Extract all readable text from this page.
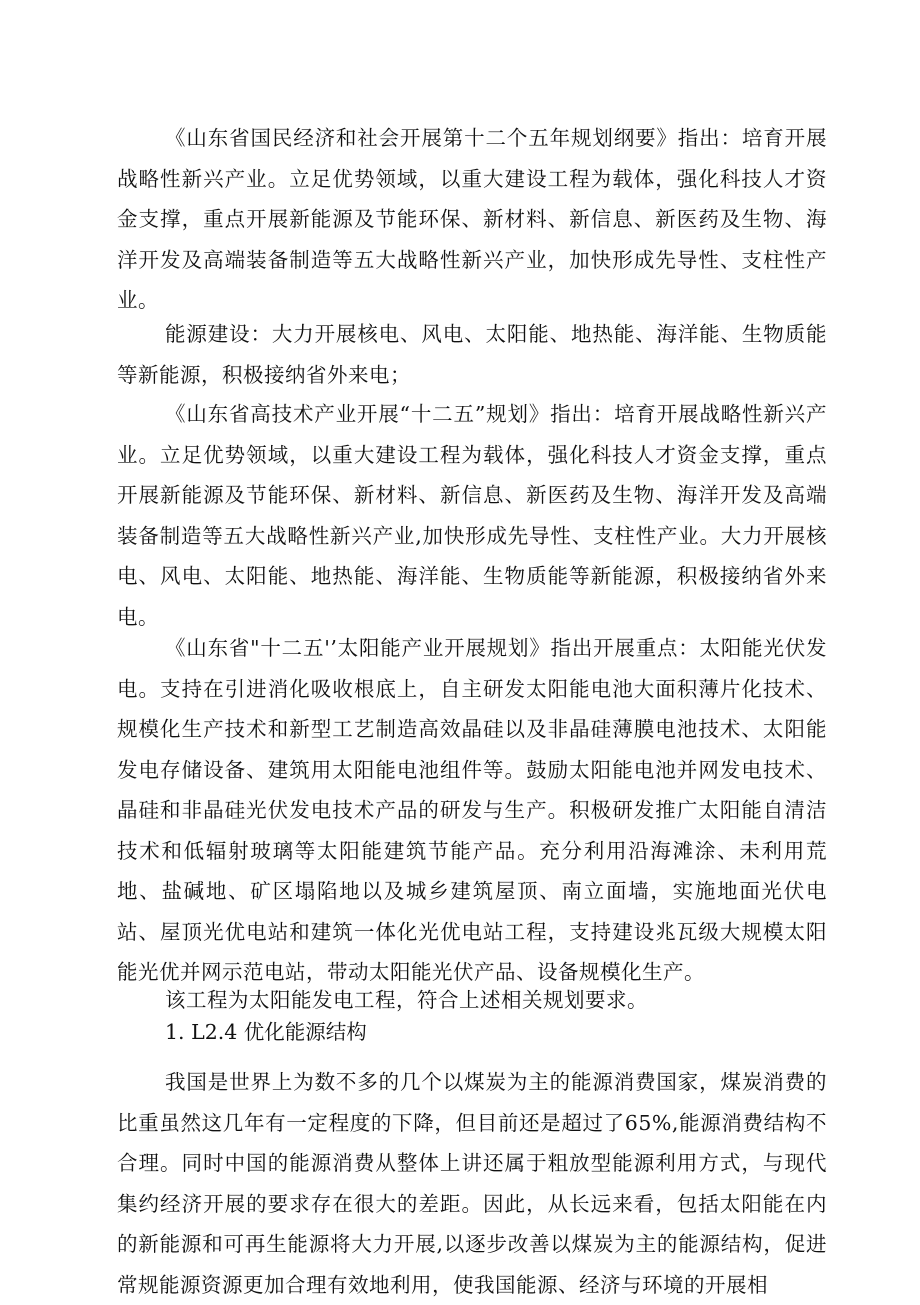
《山东省国民经济和社会开展第十二个五年规划纲要》指出：培育开展战略性新兴产业。立足优势领域，以重大建设工程为载体，强化科技人才资金支撑，重点开展新能源及节能环保、新材料、新信息、新医药及生物、海洋开发及高端装备制造等五大战略性新兴产业，加快形成先导性、支柱性产业。

能源建设：大力开展核电、风电、太阳能、地热能、海洋能、生物质能等新能源，积极接纳省外来电；

《山东省高技术产业开展“十二五”规划》指出：培育开展战略性新兴产业。立足优势领域，以重大建设工程为载体，强化科技人才资金支撑，重点开展新能源及节能环保、新材料、新信息、新医药及生物、海洋开发及高端装备制造等五大战略性新兴产业,加快形成先导性、支柱性产业。大力开展核电、风电、太阳能、地热能、海洋能、生物质能等新能源，积极接纳省外来电。

《山东省"十二五'’太阳能产业开展规划》指出开展重点：太阳能光伏发电。支持在引进消化吸收根底上，自主研发太阳能电池大面积薄片化技术、规模化生产技术和新型工艺制造高效晶硅以及非晶硅薄膜电池技术、太阳能发电存储设备、建筑用太阳能电池组件等。鼓励太阳能电池并网发电技术、晶硅和非晶硅光伏发电技术产品的研发与生产。积极研发推广太阳能自清洁技术和低辐射玻璃等太阳能建筑节能产品。充分利用沿海滩涂、未利用荒地、盐碱地、矿区塌陷地以及城乡建筑屋顶、南立面墙，实施地面光伏电站、屋顶光优电站和建筑一体化光优电站工程，支持建设兆瓦级大规模太阳能光优并网示范电站，带动太阳能光伏产品、设备规模化生产。

该工程为太阳能发电工程，符合上述相关规划要求。

1. L2.4 优化能源结构

我国是世界上为数不多的几个以煤炭为主的能源消费国家，煤炭消费的比重虽然这几年有一定程度的下降，但目前还是超过了65%,能源消费结构不合理。同时中国的能源消费从整体上讲还属于粗放型能源利用方式，与现代集约经济开展的要求存在很大的差距。因此，从长远来看，包括太阳能在内的新能源和可再生能源将大力开展,以逐步改善以煤炭为主的能源结构，促进常规能源资源更加合理有效地利用，使我国能源、经济与环境的开展相
